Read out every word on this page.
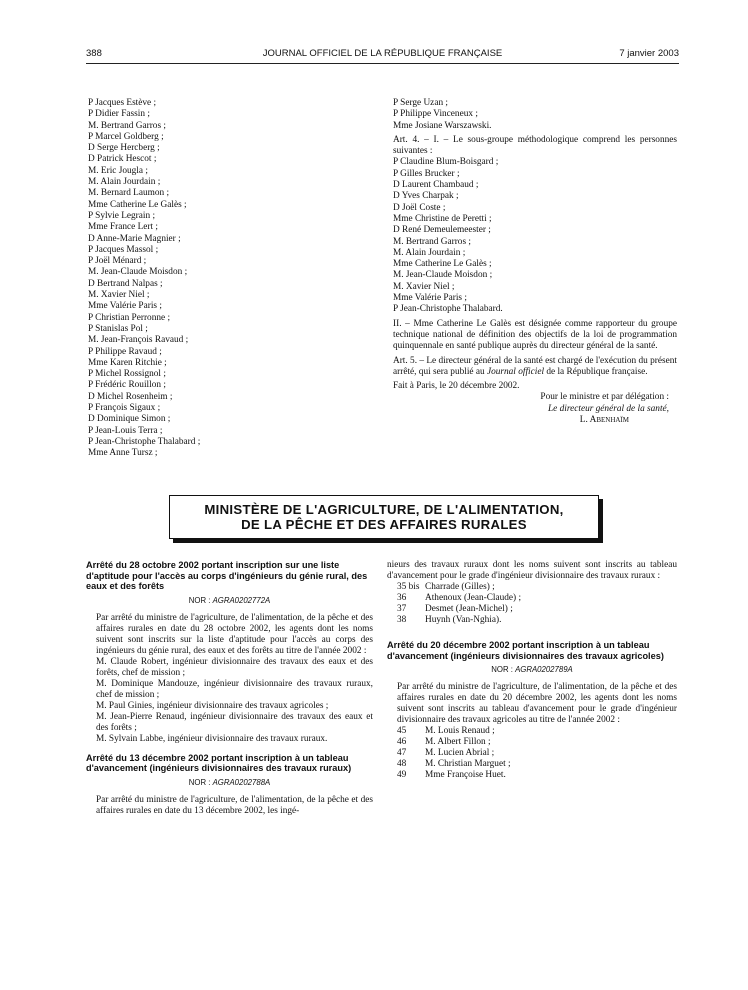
388	JOURNAL OFFICIEL DE LA RÉPUBLIQUE FRANÇAISE	7 janvier 2003
P Jacques Estève ;
P Didier Fassin ;
M. Bertrand Garros ;
P Marcel Goldberg ;
D Serge Hercberg ;
D Patrick Hescot ;
M. Eric Jougla ;
M. Alain Jourdain ;
M. Bernard Laumon ;
Mme Catherine Le Galès ;
P Sylvie Legrain ;
Mme France Lert ;
D Anne-Marie Magnier ;
P Jacques Massol ;
P Joël Ménard ;
M. Jean-Claude Moisdon ;
D Bertrand Nalpas ;
M. Xavier Niel ;
Mme Valérie Paris ;
P Christian Perronne ;
P Stanislas Pol ;
M. Jean-François Ravaud ;
P Philippe Ravaud ;
Mme Karen Ritchie ;
P Michel Rossignol ;
P Frédéric Rouillon ;
D Michel Rosenheim ;
P François Sigaux ;
D Dominique Simon ;
P Jean-Louis Terra ;
P Jean-Christophe Thalabard ;
Mme Anne Tursz ;
P Serge Uzan ;
P Philippe Vinceneux ;
Mme Josiane Warszawski.

Art. 4. – I. – Le sous-groupe méthodologique comprend les personnes suivantes :

P Claudine Blum-Boisgard ;
P Gilles Brucker ;
D Laurent Chambaud ;
D Yves Charpak ;
D Joël Coste ;
Mme Christine de Peretti ;
D René Demeulemeester ;
M. Bertrand Garros ;
M. Alain Jourdain ;
Mme Catherine Le Galès ;
M. Jean-Claude Moisdon ;
M. Xavier Niel ;
Mme Valérie Paris ;
P Jean-Christophe Thalabard.

II. – Mme Catherine Le Galès est désignée comme rapporteur du groupe technique national de définition des objectifs de la loi de programmation quinquennale en santé publique auprès du directeur général de la santé.

Art. 5. – Le directeur général de la santé est chargé de l'exécution du présent arrêté, qui sera publié au Journal officiel de la République française.

Fait à Paris, le 20 décembre 2002.

Pour le ministre et par délégation :

Le directeur général de la santé,

L. Abenhaïm

MINISTÈRE DE L'AGRICULTURE, DE L'ALIMENTATION,
DE LA PÊCHE ET DES AFFAIRES RURALES

Arrêté du 28 octobre 2002 portant inscription sur une liste d'aptitude pour l'accès au corps d'ingénieurs du génie rural, des eaux et des forêts

NOR : AGRA0202772A

Par arrêté du ministre de l'agriculture, de l'alimentation, de la pêche et des affaires rurales en date du 28 octobre 2002, les agents dont les noms suivent sont inscrits sur la liste d'aptitude pour l'accès au corps des ingénieurs du génie rural, des eaux et des forêts au titre de l'année 2002 :

M. Claude Robert, ingénieur divisionnaire des travaux des eaux et des forêts, chef de mission ;
M. Dominique Mandouze, ingénieur divisionnaire des travaux ruraux, chef de mission ;
M. Paul Ginies, ingénieur divisionnaire des travaux agricoles ;
M. Jean-Pierre Renaud, ingénieur divisionnaire des travaux des eaux et des forêts ;
M. Sylvain Labbe, ingénieur divisionnaire des travaux ruraux.

Arrêté du 13 décembre 2002 portant inscription à un tableau d'avancement (ingénieurs divisionnaires des travaux ruraux)

NOR : AGRA0202788A

Par arrêté du ministre de l'agriculture, de l'alimentation, de la pêche et des affaires rurales en date du 13 décembre 2002, les ingé-

nieurs des travaux ruraux dont les noms suivent sont inscrits au tableau d'avancement pour le grade d'ingénieur divisionnaire des travaux ruraux :

35 bis Charrade (Gilles) ;
36	Athenoux (Jean-Claude) ;
37	Desmet (Jean-Michel) ;
38	Huynh (Van-Nghia).

Arrêté du 20 décembre 2002 portant inscription à un tableau d'avancement (ingénieurs divisionnaires des travaux agricoles)

NOR : AGRA0202789A

Par arrêté du ministre de l'agriculture, de l'alimentation, de la pêche et des affaires rurales en date du 20 décembre 2002, les agents dont les noms suivent sont inscrits au tableau d'avancement pour le grade d'ingénieur divisionnaire des travaux agricoles au titre de l'année 2002 :

45	M. Louis Renaud ;
46	M. Albert Fillon ;
47	M. Lucien Abrial ;
48	M. Christian Marguet ;
49	Mme Françoise Huet.
